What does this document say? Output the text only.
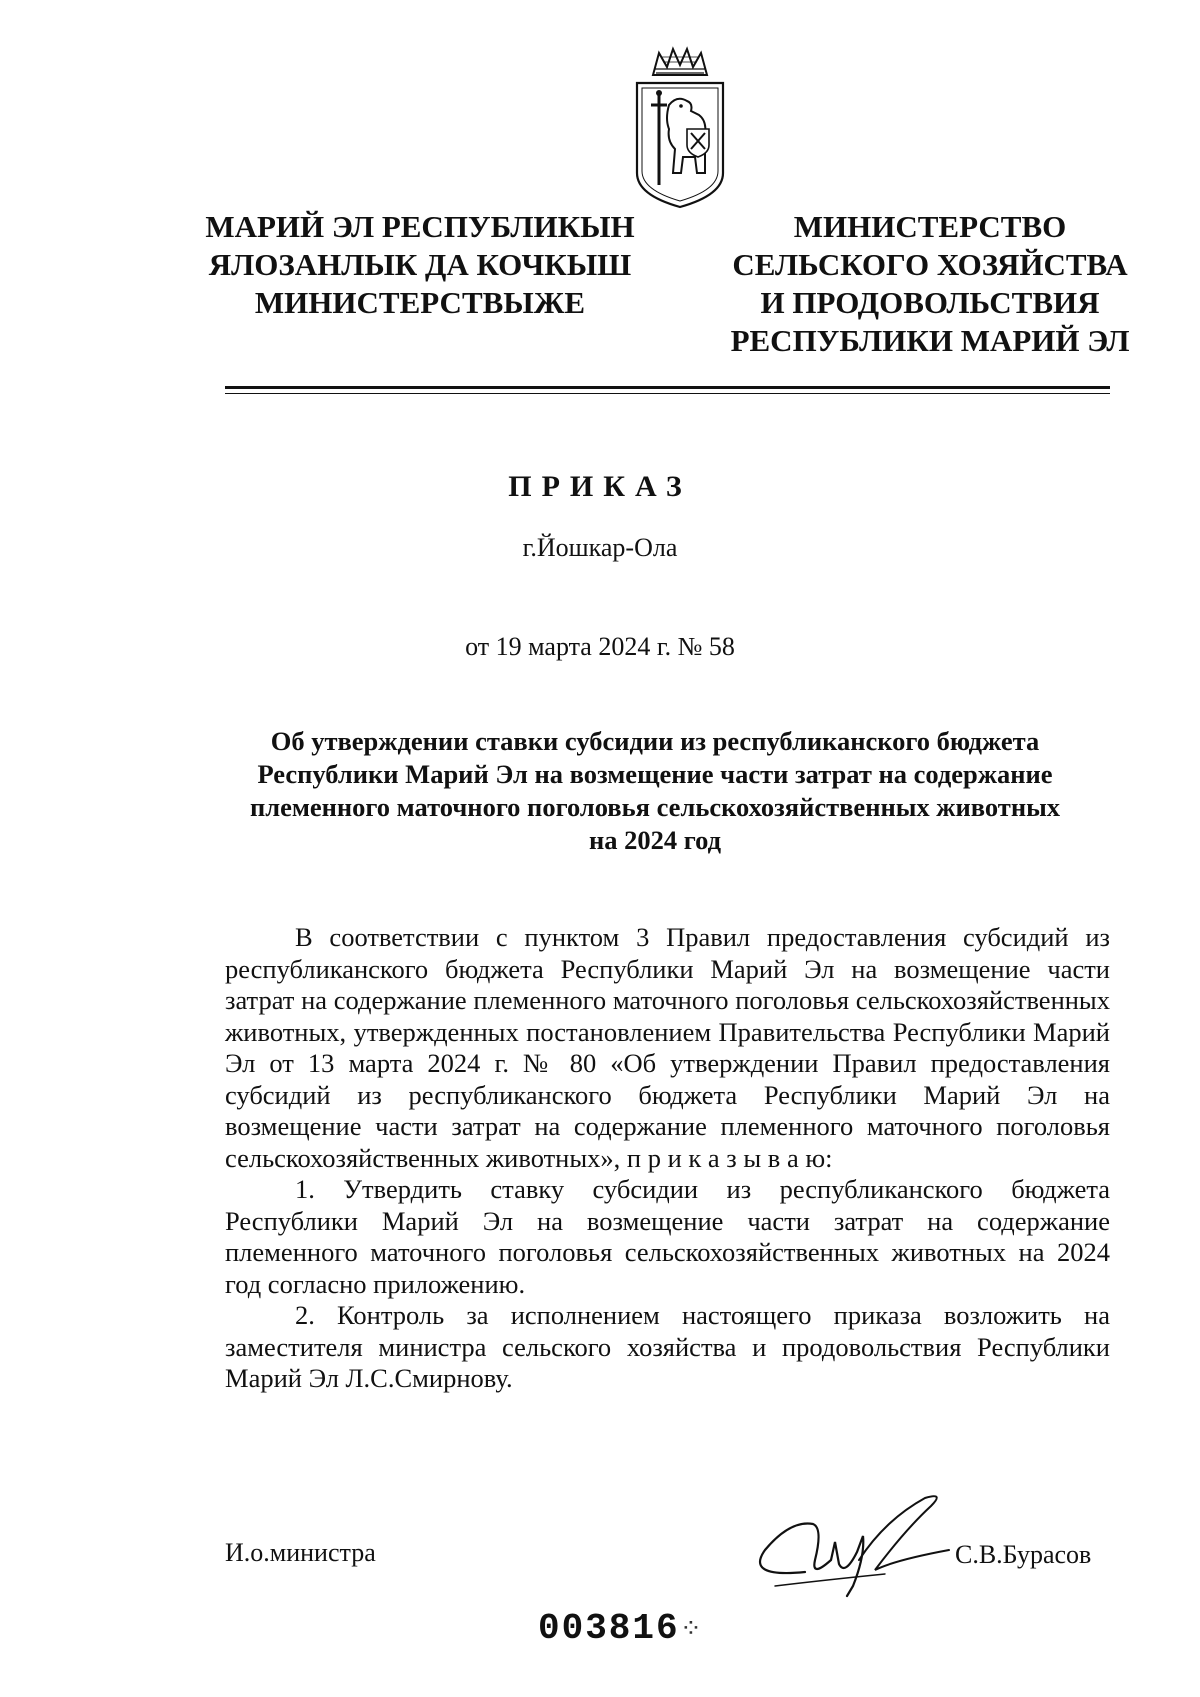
МАРИЙ ЭЛ РЕСПУБЛИКЫН
ЯЛОЗАНЛЫК ДА КОЧКЫШ
МИНИСТЕРСТВЫЖЕ
МИНИСТЕРСТВО
СЕЛЬСКОГО ХОЗЯЙСТВА
И ПРОДОВОЛЬСТВИЯ
РЕСПУБЛИКИ МАРИЙ ЭЛ
ПРИКАЗ
г.Йошкар-Ола
от 19 марта 2024 г. № 58
Об утверждении ставки субсидии из республиканского бюджета
Республики Марий Эл на возмещение части затрат на содержание
племенного маточного поголовья сельскохозяйственных животных
на 2024 год

В соответствии с пунктом 3 Правил предоставления субсидий из республиканского бюджета Республики Марий Эл на возмещение части затрат на содержание племенного маточного поголовья сельскохозяйственных животных, утвержденных постановлением Правительства Республики Марий Эл от 13 марта 2024 г. № 80 «Об утверждении Правил предоставления субсидий из республиканского бюджета Республики Марий Эл на возмещение части затрат на содержание племенного маточного поголовья сельскохозяйственных животных», п р и к а з ы в а ю:

1. Утвердить ставку субсидии из республиканского бюджета Республики Марий Эл на возмещение части затрат на содержание племенного маточного поголовья сельскохозяйственных животных на 2024 год согласно приложению.

2. Контроль за исполнением настоящего приказа возложить на заместителя министра сельского хозяйства и продовольствия Республики Марий Эл Л.С.Смирнову.

И.о.министра	С.В.Бурасов
003816 ⁘
